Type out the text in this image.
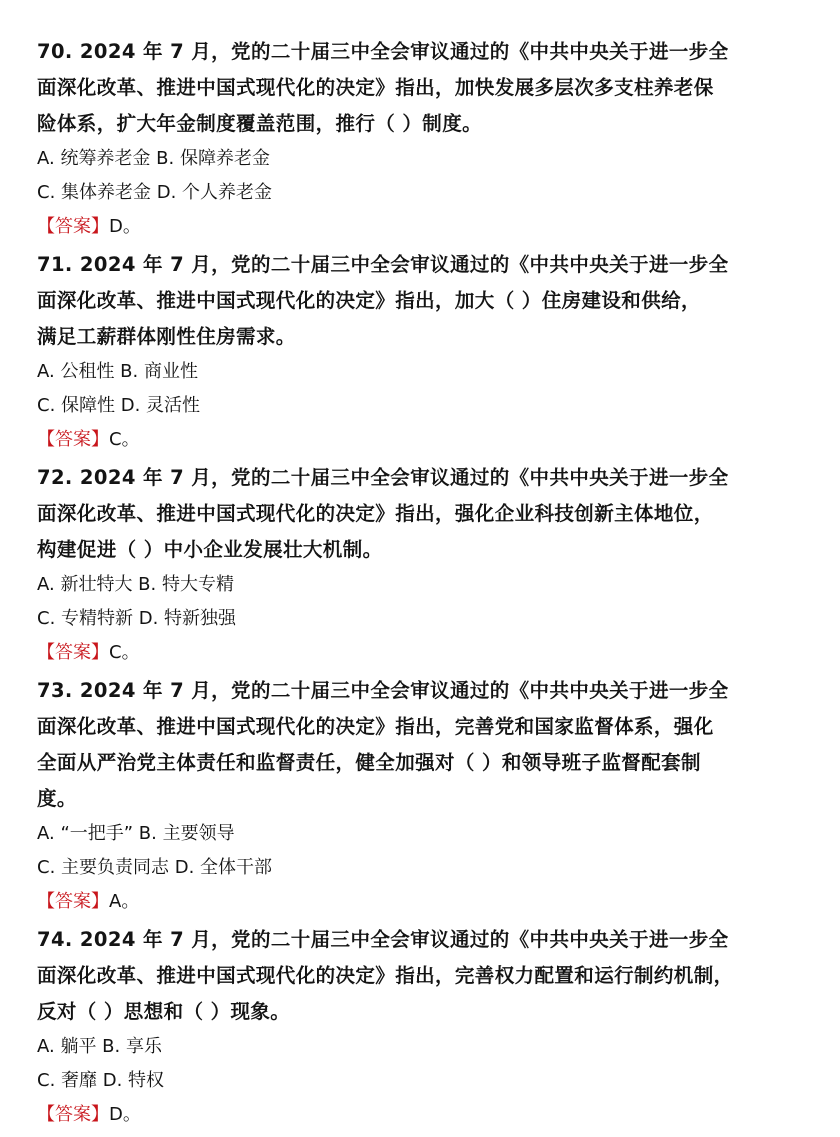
70. 2024 年 7 月，党的二十届三中全会审议通过的《中共中央关于进一步全

面深化改革、推进中国式现代化的决定》指出，加快发展多层次多支柱养老保

险体系，扩大年金制度覆盖范围，推行（ ）制度。

A. 统筹养老金 B. 保障养老金

C. 集体养老金 D. 个人养老金

【答案】D。

71. 2024 年 7 月，党的二十届三中全会审议通过的《中共中央关于进一步全

面深化改革、推进中国式现代化的决定》指出，加大（ ）住房建设和供给，

满足工薪群体刚性住房需求。

A. 公租性 B. 商业性

C. 保障性 D. 灵活性

【答案】C。

72. 2024 年 7 月，党的二十届三中全会审议通过的《中共中央关于进一步全

面深化改革、推进中国式现代化的决定》指出，强化企业科技创新主体地位，

构建促进（ ）中小企业发展壮大机制。

A. 新壮特大 B. 特大专精

C. 专精特新 D. 特新独强

【答案】C。

73. 2024 年 7 月，党的二十届三中全会审议通过的《中共中央关于进一步全

面深化改革、推进中国式现代化的决定》指出，完善党和国家监督体系，强化

全面从严治党主体责任和监督责任，健全加强对（ ）和领导班子监督配套制

度。

A. “一把手” B. 主要领导

C. 主要负责同志 D. 全体干部

【答案】A。

74. 2024 年 7 月，党的二十届三中全会审议通过的《中共中央关于进一步全

面深化改革、推进中国式现代化的决定》指出，完善权力配置和运行制约机制，

反对（ ）思想和（ ）现象。

A. 躺平 B. 享乐

C. 奢靡 D. 特权

【答案】D。
